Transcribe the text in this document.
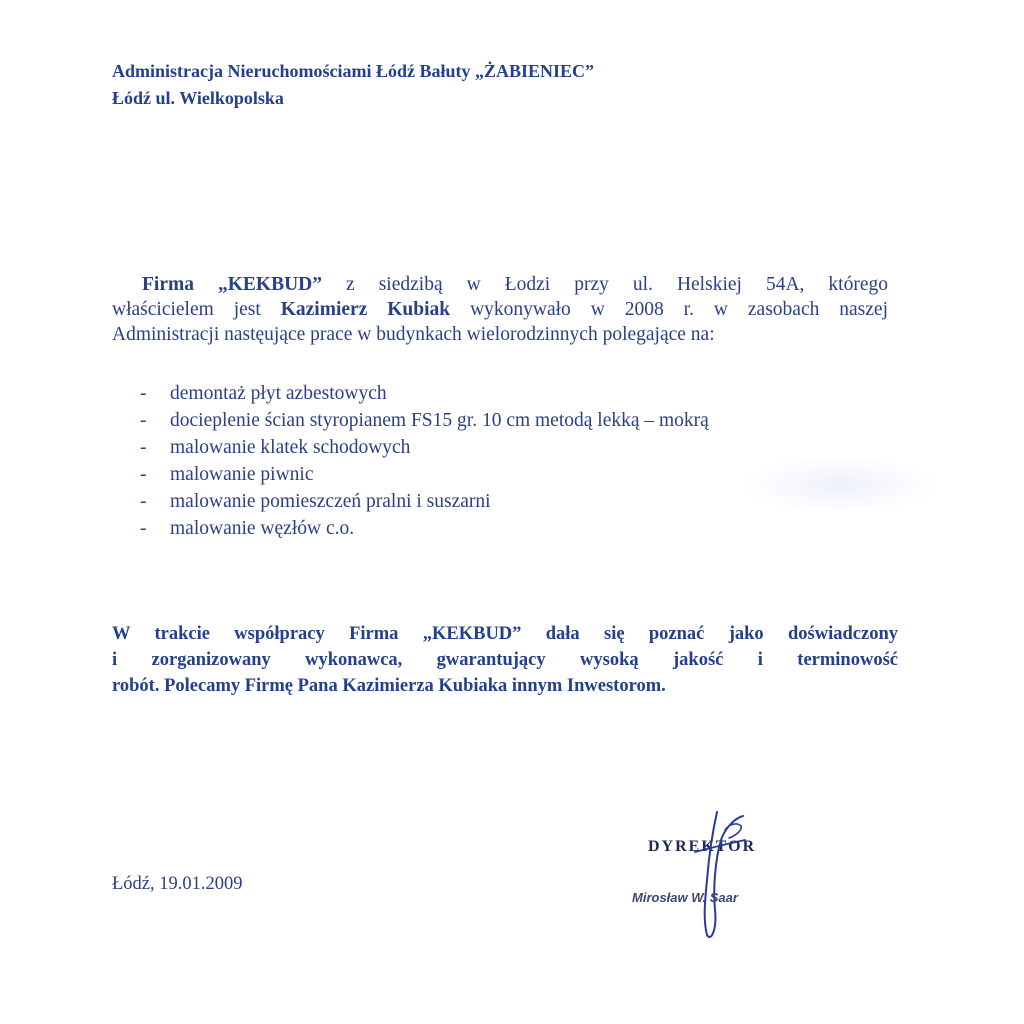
Administracja Nieruchomościami Łódź Bałuty „ŻABIENIEC”
Łódź ul. Wielkopolska
Firma „KEKBUD” z siedzibą w Łodzi przy ul. Helskiej 54A, którego
właścicielem jest Kazimierz Kubiak wykonywało w 2008 r. w zasobach naszej
Administracji nastęujące prace w budynkach wielorodzinnych polegające na:
- demontaż płyt azbestowych
- docieplenie ścian styropianem FS15 gr. 10 cm metodą lekką – mokrą
- malowanie klatek schodowych
- malowanie piwnic
- malowanie pomieszczeń pralni i suszarni
- malowanie węzłów c.o.
W trakcie współpracy Firma „KEKBUD” dała się poznać jako doświadczony
i zorganizowany wykonawca, gwarantujący wysoką jakość i terminowość
robót. Polecamy Firmę Pana Kazimierza Kubiaka innym Inwestorom.
Łódź, 19.01.2009
DYREKTOR
Mirosław W. Saar
